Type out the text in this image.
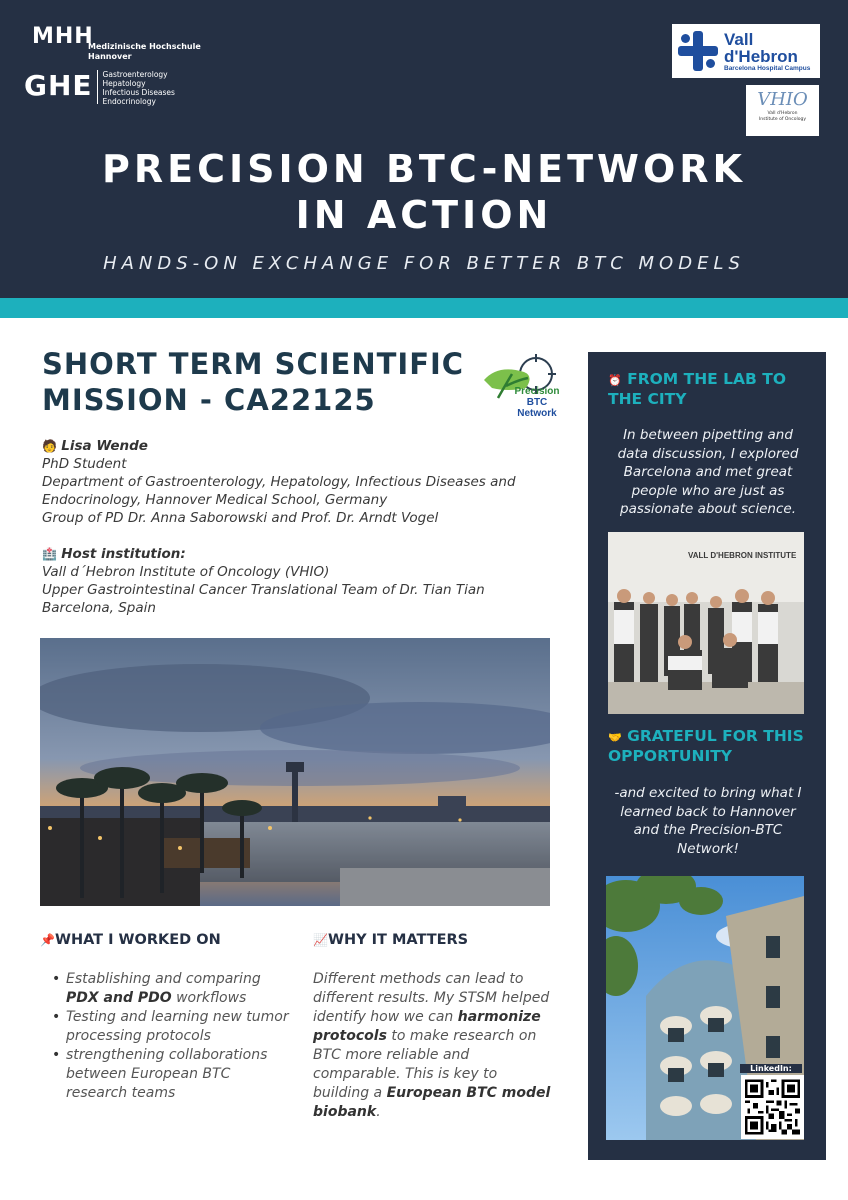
MHH
Medizinische Hochschule
Hannover
GHE Gastroenterology
Hepatology
Infectious Diseases
Endocrinology
Vall
d'Hebron
Barcelona Hospital Campus
VHIO
Vall d'Hebron
Institute of Oncology
PRECISION BTC-NETWORK
IN ACTION
HANDS-ON EXCHANGE FOR BETTER BTC MODELS
SHORT TERM SCIENTIFIC
MISSION - CA22125	Precision
BTC Network
🧑 Lisa Wende
PhD Student
Department of Gastroenterology, Hepatology, Infectious Diseases and
Endocrinology, Hannover Medical School, Germany
Group of PD Dr. Anna Saborowski and Prof. Dr. Arndt Vogel
🏥 Host institution:
Vall d´Hebron Institute of Oncology (VHIO)
Upper Gastrointestinal Cancer Translational Team of Dr. Tian Tian
Barcelona, Spain
📌WHAT I WORKED ON
• Establishing and comparing PDX and PDO workflows
• Testing and learning new tumor processing protocols
• strengthening collaborations between European BTC research teams
📈WHY IT MATTERS
Different methods can lead to different results. My STSM helped identify how we can harmonize protocols to make research on BTC more reliable and comparable. This is key to building a European BTC model biobank.
⏰ FROM THE LAB TO THE CITY
In between pipetting and data discussion, I explored Barcelona and met great people who are just as passionate about science.
VALL D'HEBRON INSTITUTE
🤝 GRATEFUL FOR THIS OPPORTUNITY
-and excited to bring what I learned back to Hannover and the Precision-BTC Network!
LinkedIn:
